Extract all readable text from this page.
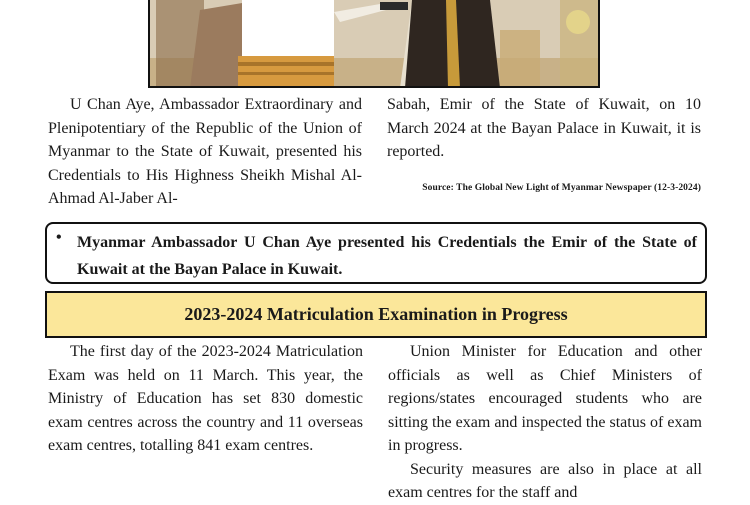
U Chan Aye, Ambassador Extraordinary and Plenipotentiary of the Republic of the Union of Myanmar to the State of Kuwait, presented his Credentials to His Highness Sheikh Mishal Al-Ahmad Al-Jaber Al-

Sabah, Emir of the State of Kuwait, on 10 March 2024 at the Bayan Palace in Kuwait, it is reported.

Source: The Global New Light of Myanmar Newspaper (12-3-2024)
• Myanmar Ambassador U Chan Aye presented his Credentials the Emir of the State of Kuwait at the Bayan Palace in Kuwait.
2023-2024 Matriculation Examination in Progress

The first day of the 2023-2024 Matriculation Exam was held on 11 March. This year, the Ministry of Education has set 830 domestic exam centres across the country and 11 overseas exam centres, totalling 841 exam centres.

Union Minister for Education and other officials as well as Chief Ministers of regions/states encouraged students who are sitting the exam and inspected the status of exam in progress.

Security measures are also in place at all exam centres for the staff and
